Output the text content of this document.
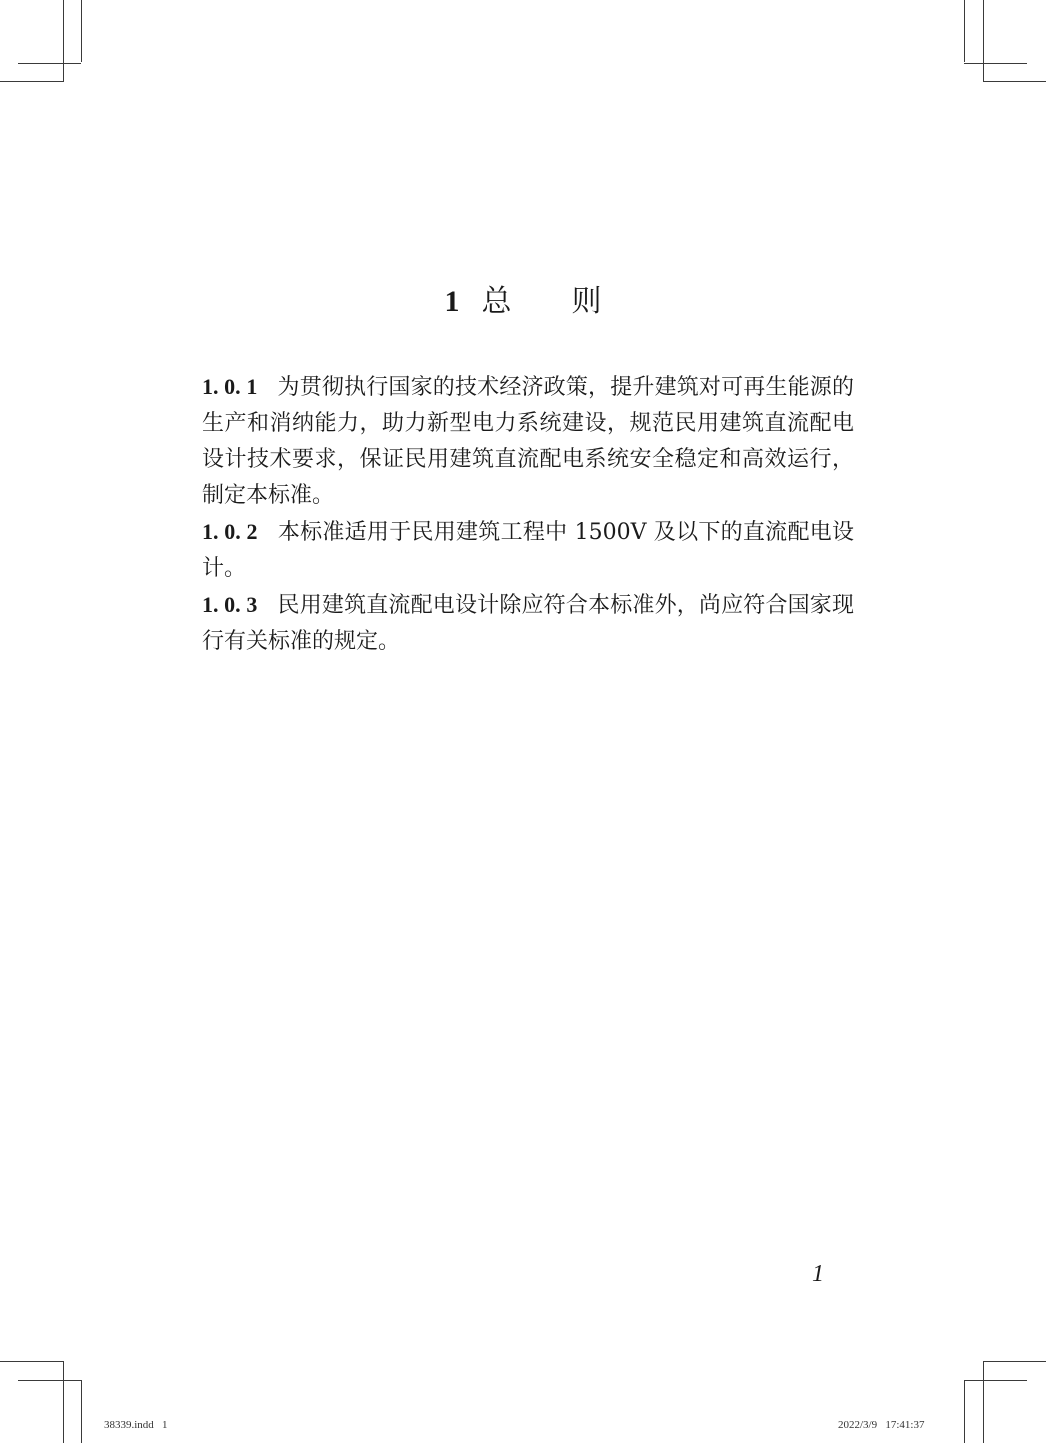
1 总 则

1. 0. 1 为贯彻执行国家的技术经济政策，提升建筑对可再生能源的生产和消纳能力，助力新型电力系统建设，规范民用建筑直流配电设计技术要求，保证民用建筑直流配电系统安全稳定和高效运行，制定本标准。

1. 0. 2 本标准适用于民用建筑工程中 1500V 及以下的直流配电设计。

1. 0. 3 民用建筑直流配电设计除应符合本标准外，尚应符合国家现行有关标准的规定。

1
38339.indd   1	2022/3/9   17:41:37
